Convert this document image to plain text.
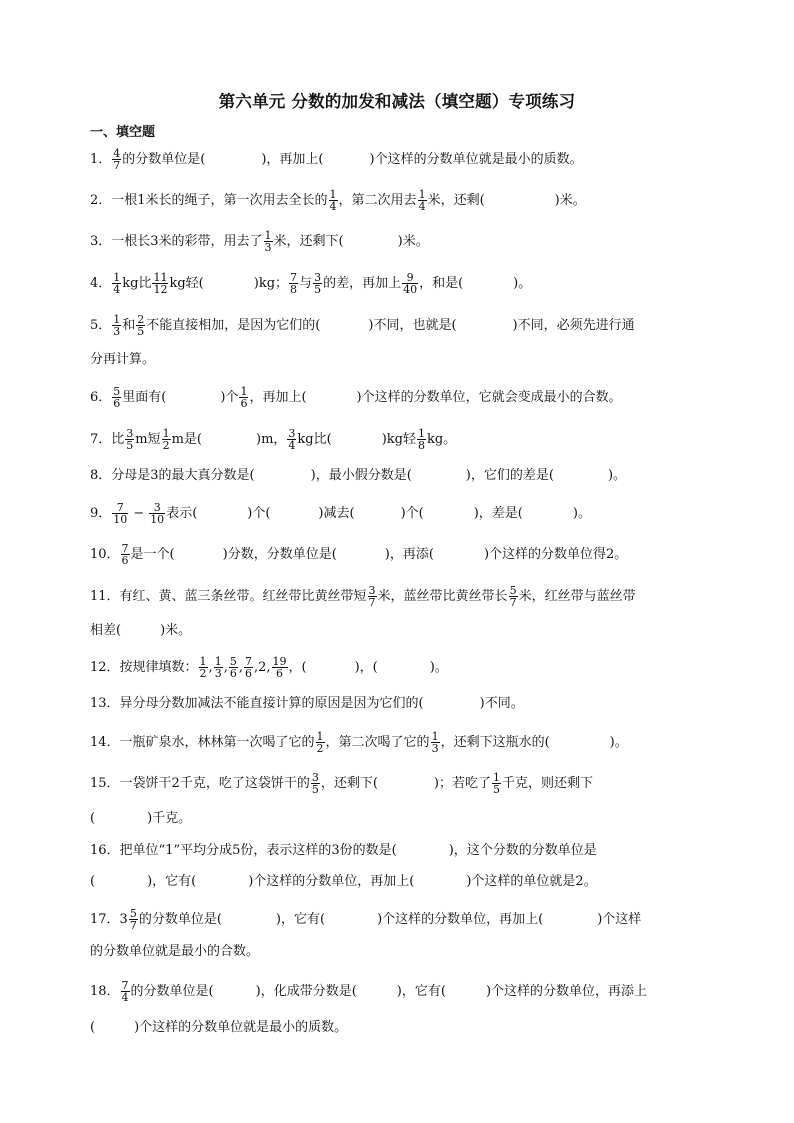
第六单元 分数的加发和减法（填空题）专项练习
一、填空题
1． $\frac{4}{7}$ 的分数单位是(	)，再加上(	)个这样的分数单位就是最小的质数。
2．一根1米长的绳子，第一次用去全长的 $\frac{1}{4}$ ，第二次用去 $\frac{1}{4}$ 米，还剩(	)米。
3．一根长3米的彩带，用去了 $\frac{1}{3}$ 米，还剩下(	)米。
4． $\frac{1}{4}$ kg比 $\frac{11}{12}$ kg轻(	)kg； $\frac{7}{8}$ 与 $\frac{3}{5}$ 的差，再加上 $\frac{9}{40}$ ，和是(	)。
5． $\frac{1}{3}$ 和 $\frac{2}{5}$ 不能直接相加，是因为它们的(	)不同，也就是(	)不同，必须先进行通
分再计算。
6． $\frac{5}{6}$ 里面有(	)个 $\frac{1}{6}$ ，再加上(	)个这样的分数单位，它就会变成最小的合数。
7．比 $\frac{3}{5}$ m短 $\frac{1}{2}$ m是(	)m， $\frac{3}{4}$ kg比(	)kg轻 $\frac{1}{8}$ kg。
8．分母是3的最大真分数是(	)，最小假分数是(	)，它们的差是(	)。
9． $\frac{7}{10} - \frac{3}{10}$ 表示(	)个(	)减去(	)个(	)，差是(	)。
10． $\frac{7}{6}$ 是一个(	)分数，分数单位是(	)，再添(	)个这样的分数单位得2。
11．有红、黄、蓝三条丝带。红丝带比黄丝带短 $\frac{3}{7}$ 米，蓝丝带比黄丝带长 $\frac{5}{7}$ 米，红丝带与蓝丝带
相差(　　　)米。
12．按规律填数： $\frac{1}{2}$ , $\frac{1}{3}$ , $\frac{5}{6}$ , $\frac{7}{6} ,2$, $\frac{19}{6}$ ，(	)，(	)。
13．异分母分数加减法不能直接计算的原因是因为它们的(	)不同。
14．一瓶矿泉水，林林第一次喝了它的 $\frac{1}{2}$ ，第二次喝了它的 $\frac{1}{3}$ ，还剩下这瓶水的(	)。
15．一袋饼干2千克，吃了这袋饼干的 $\frac{3}{5}$ ，还剩下(	)；若吃了 $\frac{1}{5}$ 千克，则还剩下
(　　　　)千克。
16．把单位“1”平均分成5份，表示这样的3份的数是(　　　　)，这个分数的分数单位是
(　　　　)，它有(　　　　)个这样的分数单位，再加上(　　　　)个这样的单位就是2。
17．$3 \frac{5}{7}$ 的分数单位是(	)，它有(	)个这样的分数单位，再加上(	)个这样
的分数单位就是最小的合数。
18． $\frac{7}{4}$ 的分数单位是(	)，化成带分数是(	)，它有(	)个这样的分数单位，再添上
(　　　)个这样的分数单位就是最小的质数。
